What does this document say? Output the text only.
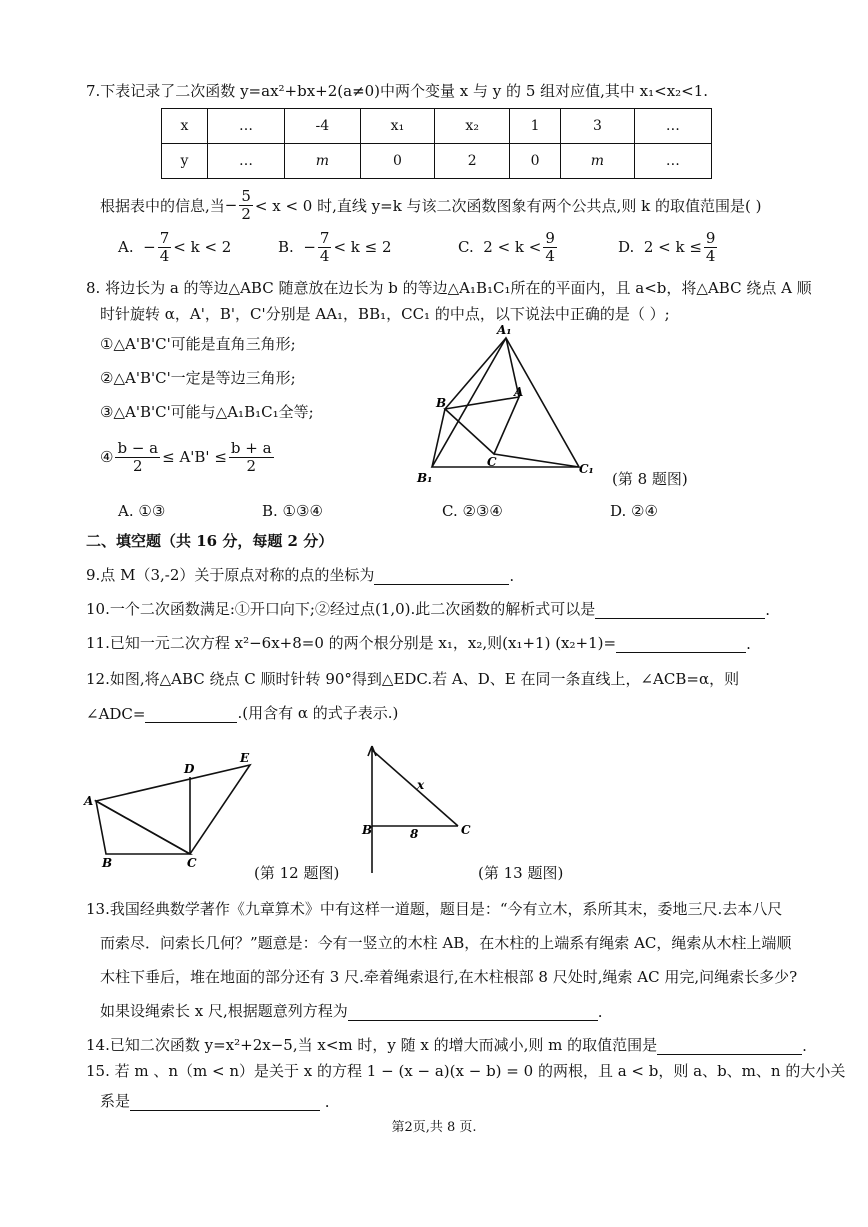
7.下表记录了二次函数 y=ax²+bx+2(a≠0)中两个变量 x 与 y 的 5 组对应值,其中 x₁<x₂<1.
x	…	-4	x₁	x₂	1	3	…
y	…	m	0	2	0	m	…
根据表中的信息,当 − $\frac{5}{2} < x < 0$ 时,直线 y=k 与该二次函数图象有两个公共点,则 k 的取值范围是( )
A.
− $\frac{7}{4} < k < 2$	B.
− $\frac{7}{4} < k \le 2$	C.
$2 < k < \frac{9}{4}$	D.
$2 < k \le \frac{9}{4}$
8. 将边长为 a 的等边△ABC 随意放在边长为 b 的等边△A₁B₁C₁所在的平面内，且 a<b，将△ABC 绕点 A 顺
时针旋转 α，A'，B'，C'分别是 AA₁，BB₁，CC₁ 的中点，以下说法中正确的是（ ）;
①△A'B'C'可能是直角三角形;
②△A'B'C'一定是等边三角形;
③△A'B'C'可能与△A₁B₁C₁全等;
④ $\frac{b - a}{2} \le A'B' \le \frac{b + a}{2}$
A₁
A
B
C
B₁
C₁
A
B	C
D
E
B	C
x
8
(第 8 题图)
A. ①③	B. ①③④	C. ②③④	D. ②④
二、填空题（共 16 分，每题 2 分）
9.点 M（3,-2）关于原点对称的点的坐标为	.
10.一个二次函数满足:①开口向下;②经过点(1,0).此二次函数的解析式可以是	.
11.已知一元二次方程 x²−6x+8=0 的两个根分别是 x₁，x₂,则(x₁+1) (x₂+1)=	.
12.如图,将△ABC 绕点 C 顺时针转 90°得到△EDC.若 A、D、E 在同一条直线上，∠ACB=α，则
∠ADC=	.(用含有 α 的式子表示.)
(第 12 题图)	(第 13 题图)
13.我国经典数学著作《九章算术》中有这样一道题，题目是：“今有立木，系所其末，委地三尺.去本八尺
而索尽．问索长几何？”题意是：今有一竖立的木柱 AB，在木柱的上端系有绳索 AC，绳索从木柱上端顺
木柱下垂后，堆在地面的部分还有 3 尺.牵着绳索退行,在木柱根部 8 尺处时,绳索 AC 用完,问绳索长多少?
如果设绳索长 x 尺,根据题意列方程为	.
14.已知二次函数 y=x²+2x−5,当 x<m 时，y 随 x 的增大而减小,则 m 的取值范围是	.
15. 若 m 、n（m < n）是关于 x 的方程 1 − (x − a)(x − b) = 0 的两根，且 a < b，则 a、b、m、n 的大小关
系是	.
第2页,共 8 页.
